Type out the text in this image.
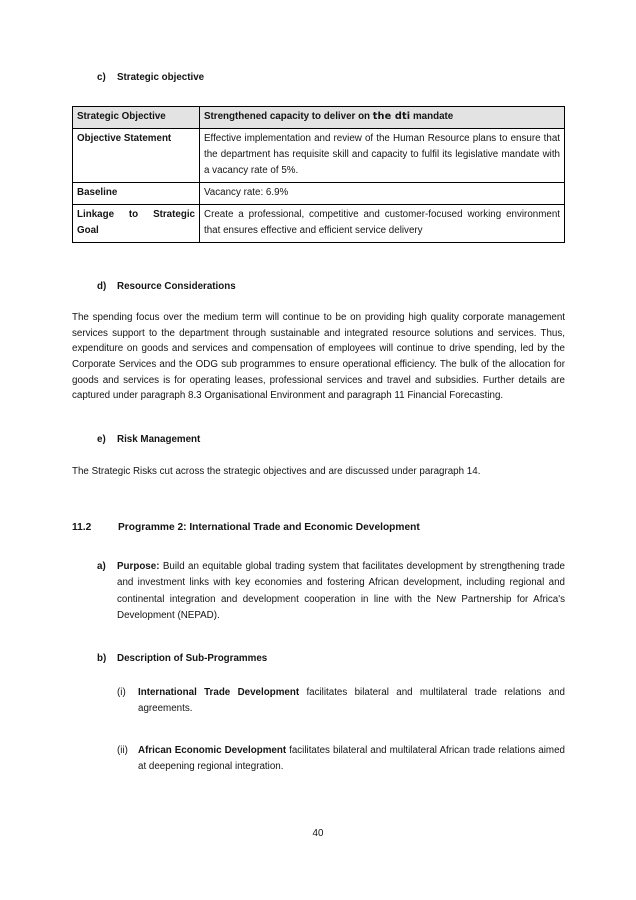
c)	Strategic objective
Strategic Objective	Strengthened capacity to deliver on the dti mandate
Objective Statement	Effective implementation and review of the Human Resource plans to ensure that the department has requisite skill and capacity to fulfil its legislative mandate with a vacancy rate of 5%.
Baseline	Vacancy rate: 6.9%
Linkage to Strategic Goal	Create a professional, competitive and customer-focused working environment that ensures effective and efficient service delivery
d)	Resource Considerations

The spending focus over the medium term will continue to be on providing high quality corporate management services support to the department through sustainable and integrated resource solutions and services. Thus, expenditure on goods and services and compensation of employees will continue to drive spending, led by the Corporate Services and the ODG sub programmes to ensure operational efficiency. The bulk of the allocation for goods and services is for operating leases, professional services and travel and subsidies. Further details are captured under paragraph 8.3 Organisational Environment and paragraph 11 Financial Forecasting.

e)	Risk Management

The Strategic Risks cut across the strategic objectives and are discussed under paragraph 14.

11.2	Programme 2: International Trade and Economic Development
a)	Purpose: Build an equitable global trading system that facilitates development by strengthening trade and investment links with key economies and fostering African development, including regional and continental integration and development cooperation in line with the New Partnership for Africa's Development (NEPAD).
b)	Description of Sub-Programmes
(i)	International Trade Development facilitates bilateral and multilateral trade relations and agreements.
(ii)	African Economic Development facilitates bilateral and multilateral African trade relations aimed at deepening regional integration.
40
